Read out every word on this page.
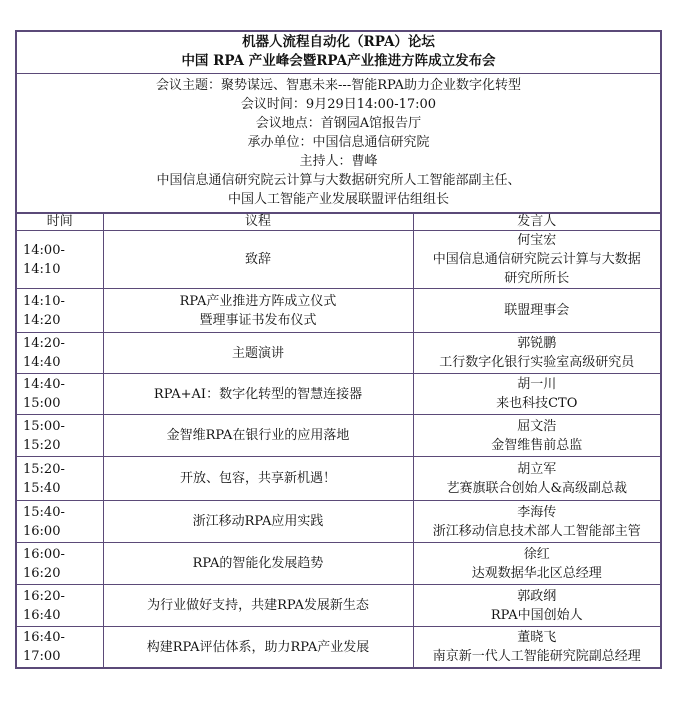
机器人流程自动化（RPA）论坛
中国 RPA 产业峰会暨RPA产业推进方阵成立发布会
会议主题：聚势谋远、智惠未来---智能RPA助力企业数字化转型
会议时间：9月29日14:00-17:00
会议地点：首钢园A馆报告厅
承办单位：中国信息通信研究院
主持人：曹峰
中国信息通信研究院云计算与大数据研究所人工智能部副主任、
中国人工智能产业发展联盟评估组组长
时间	议程	发言人
14:00-14:10	致辞	何宝宏
中国信息通信研究院云计算与大数据
研究所所长

14:10-14:20	RPA产业推进方阵成立仪式
暨理事证书发布仪式	联盟理事会

14:20-14:40	主题演讲	郭锐鹏
工行数字化银行实验室高级研究员

14:40-15:00	RPA+AI：数字化转型的智慧连接器	胡一川
来也科技CTO

15:00-15:20	金智维RPA在银行业的应用落地	屈文浩
金智维售前总监

15:20-15:40	开放、包容，共享新机遇！	胡立军
艺赛旗联合创始人&高级副总裁

15:40-16:00	浙江移动RPA应用实践	李海传
浙江移动信息技术部人工智能部主管

16:00-16:20	RPA的智能化发展趋势	徐红
达观数据华北区总经理

16:20-16:40	为行业做好支持，共建RPA发展新生态	郭政纲
RPA中国创始人

16:40-17:00	构建RPA评估体系，助力RPA产业发展	董晓飞
南京新一代人工智能研究院副总经理
